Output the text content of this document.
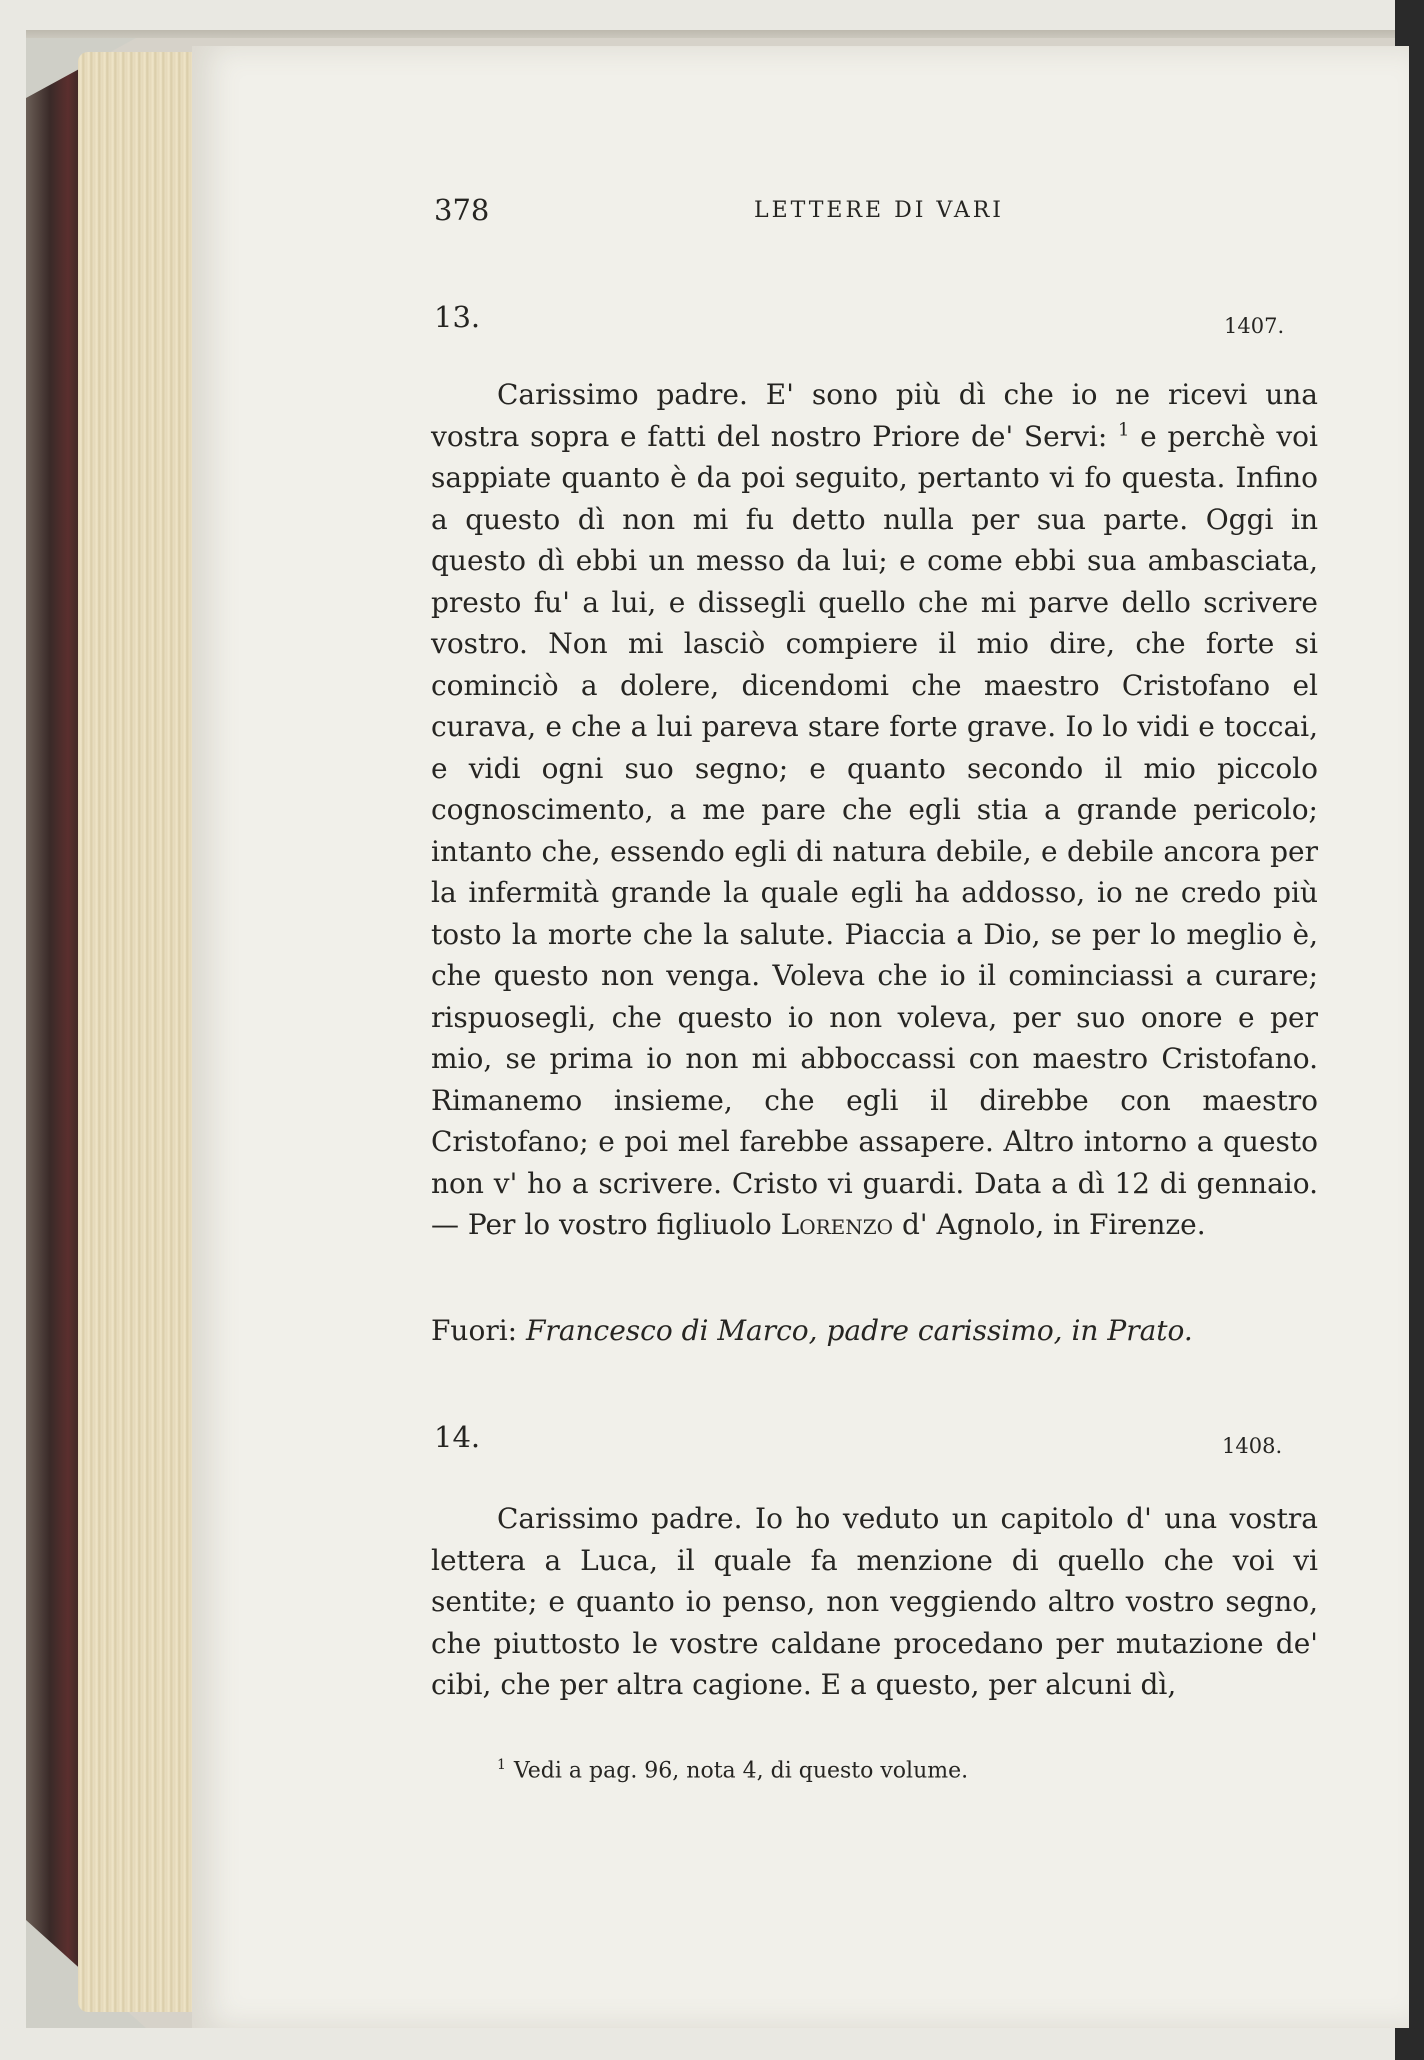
378	LETTERE DI VARI
13.	1407.

Carissimo padre. E' sono più dì che io ne ricevi una vostra sopra e fatti del nostro Priore de' Servi: $^1$ e perchè voi sappiate quanto è da poi seguito, pertanto vi fo questa. Infino a questo dì non mi fu detto nulla per sua parte. Oggi in questo dì ebbi un messo da lui; e come ebbi sua ambasciata, presto fu' a lui, e dissegli quello che mi parve dello scrivere vostro. Non mi lasciò compiere il mio dire, che forte si cominciò a dolere, dicendomi che maestro Cristofano el curava, e che a lui pareva stare forte grave. Io lo vidi e toccai, e vidi ogni suo segno; e quanto secondo il mio piccolo cognoscimento, a me pare che egli stia a grande pericolo; intanto che, essendo egli di natura debile, e debile ancora per la infermità grande la quale egli ha addosso, io ne credo più tosto la morte che la salute. Piaccia a Dio, se per lo meglio è, che questo non venga. Voleva che io il cominciassi a curare; rispuosegli, che questo io non voleva, per suo onore e per mio, se prima io non mi abboccassi con maestro Cristofano. Rimanemo insieme, che egli il direbbe con maestro Cristofano; e poi mel farebbe assapere. Altro intorno a questo non v' ho a scrivere. Cristo vi guardi. Data a dì 12 di gennaio. — Per lo vostro figliuolo Lorenzo d' Agnolo, in Firenze.

Fuori: Francesco di Marco, padre carissimo, in Prato.
14.	1408.

Carissimo padre. Io ho veduto un capitolo d' una vostra lettera a Luca, il quale fa menzione di quello che voi vi sentite; e quanto io penso, non veggiendo altro vostro segno, che piuttosto le vostre caldane procedano per mutazione de' cibi, che per altra cagione. E a questo, per alcuni dì,

$^1$ Vedi a pag. 96, nota 4, di questo volume.
